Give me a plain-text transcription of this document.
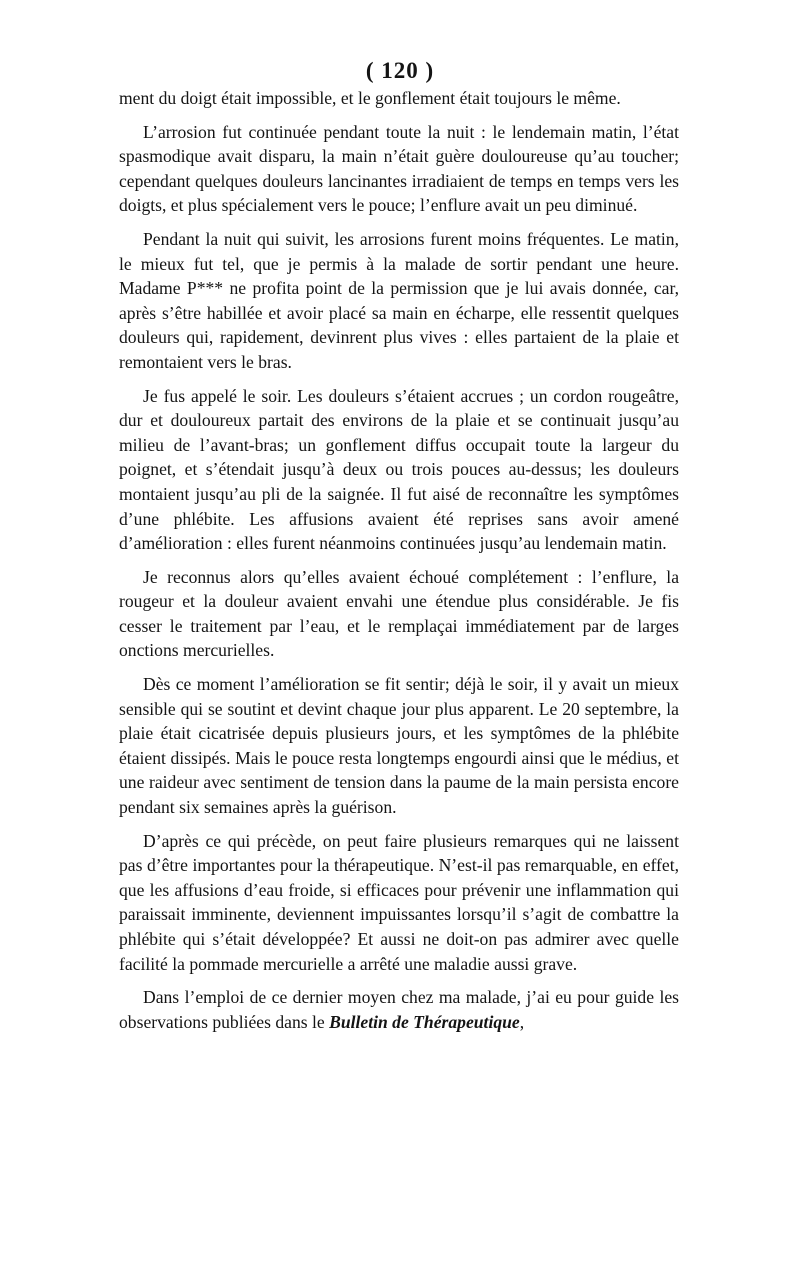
( 120 )

ment du doigt était impossible, et le gonflement était toujours le même.

L’arrosion fut continuée pendant toute la nuit : le lendemain matin, l’état spasmodique avait disparu, la main n’était guère douloureuse qu’au toucher; cependant quelques douleurs lancinantes irradiaient de temps en temps vers les doigts, et plus spécialement vers le pouce; l’enflure avait un peu diminué.

Pendant la nuit qui suivit, les arrosions furent moins fréquentes. Le matin, le mieux fut tel, que je permis à la malade de sortir pendant une heure. Madame P*** ne profita point de la permission que je lui avais donnée, car, après s’être habillée et avoir placé sa main en écharpe, elle ressentit quelques douleurs qui, rapidement, devinrent plus vives : elles partaient de la plaie et remontaient vers le bras.

Je fus appelé le soir. Les douleurs s’étaient accrues ; un cordon rougeâtre, dur et douloureux partait des environs de la plaie et se continuait jusqu’au milieu de l’avant-bras; un gonflement diffus occupait toute la largeur du poignet, et s’étendait jusqu’à deux ou trois pouces au-dessus; les douleurs montaient jusqu’au pli de la saignée. Il fut aisé de reconnaître les symptômes d’une phlébite. Les affusions avaient été reprises sans avoir amené d’amélioration : elles furent néanmoins continuées jusqu’au lendemain matin.

Je reconnus alors qu’elles avaient échoué complétement : l’enflure, la rougeur et la douleur avaient envahi une étendue plus considérable. Je fis cesser le traitement par l’eau, et le remplaçai immédiatement par de larges onctions mercurielles.

Dès ce moment l’amélioration se fit sentir; déjà le soir, il y avait un mieux sensible qui se soutint et devint chaque jour plus apparent. Le 20 septembre, la plaie était cicatrisée depuis plusieurs jours, et les symptômes de la phlébite étaient dissipés. Mais le pouce resta longtemps engourdi ainsi que le médius, et une raideur avec sentiment de tension dans la paume de la main persista encore pendant six semaines après la guérison.

D’après ce qui précède, on peut faire plusieurs remarques qui ne laissent pas d’être importantes pour la thérapeutique. N’est-il pas remarquable, en effet, que les affusions d’eau froide, si efficaces pour prévenir une inflammation qui paraissait imminente, deviennent impuissantes lorsqu’il s’agit de combattre la phlébite qui s’était développée? Et aussi ne doit-on pas admirer avec quelle facilité la pommade mercurielle a arrêté une maladie aussi grave.

Dans l’emploi de ce dernier moyen chez ma malade, j’ai eu pour guide les observations publiées dans le Bulletin de Thérapeutique,
